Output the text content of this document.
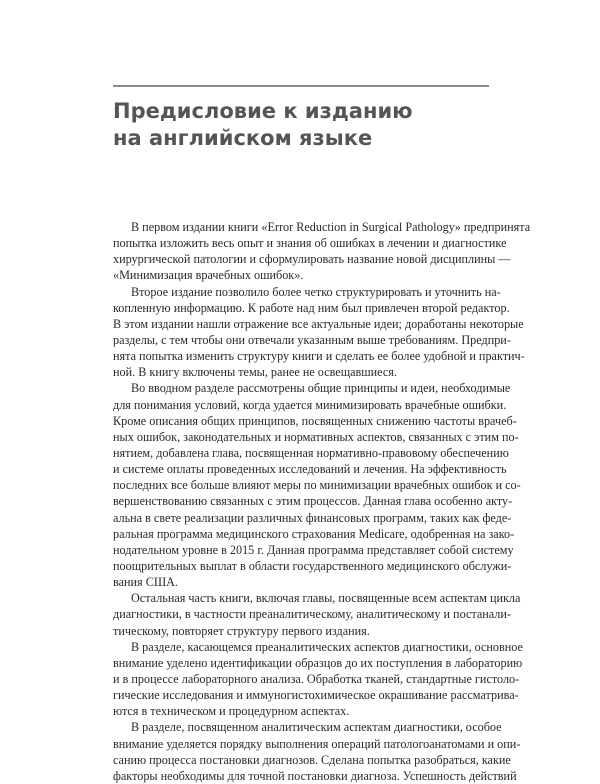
Предисловие к изданию
на английском языке
В первом издании книги «Error Reduction in Surgical Pathology» предпринята
попытка изложить весь опыт и знания об ошибках в лечении и диагностике
хирургической патологии и сформулировать название новой дисциплины —
«Минимизация врачебных ошибок».
Второе издание позволило более четко структурировать и уточнить на-
копленную информацию. К работе над ним был привлечен второй редактор.
В этом издании нашли отражение все актуальные идеи; доработаны некоторые
разделы, с тем чтобы они отвечали указанным выше требованиям. Предпри-
нята попытка изменить структуру книги и сделать ее более удобной и практич-
ной. В книгу включены темы, ранее не освещавшиеся.
Во вводном разделе рассмотрены общие принципы и идеи, необходимые
для понимания условий, когда удается минимизировать врачебные ошибки.
Кроме описания общих принципов, посвященных снижению частоты врачеб-
ных ошибок, законодательных и нормативных аспектов, связанных с этим по-
нятием, добавлена глава, посвященная нормативно-правовому обеспечению
и системе оплаты проведенных исследований и лечения. На эффективность
последних все больше влияют меры по минимизации врачебных ошибок и со-
вершенствованию связанных с этим процессов. Данная глава особенно акту-
альна в свете реализации различных финансовых программ, таких как феде-
ральная программа медицинского страхования Medicare, одобренная на зако-
нодательном уровне в 2015 г. Данная программа представляет собой систему
поощрительных выплат в области государственного медицинского обслужи-
вания США.
Остальная часть книги, включая главы, посвященные всем аспектам цикла
диагностики, в частности преаналитическому, аналитическому и постанали-
тическому, повторяет структуру первого издания.
В разделе, касающемся преаналитических аспектов диагностики, основное
внимание уделено идентификации образцов до их поступления в лабораторию
и в процессе лабораторного анализа. Обработка тканей, стандартные гистоло-
гические исследования и иммуногистохимическое окрашивание рассматрива-
ются в техническом и процедурном аспектах.
В разделе, посвященном аналитическим аспектам диагностики, особое
внимание уделяется порядку выполнения операций патологоанатомами и опи-
санию процесса постановки диагнозов. Сделана попытка разобраться, какие
факторы необходимы для точной постановки диагноза. Успешность действий
